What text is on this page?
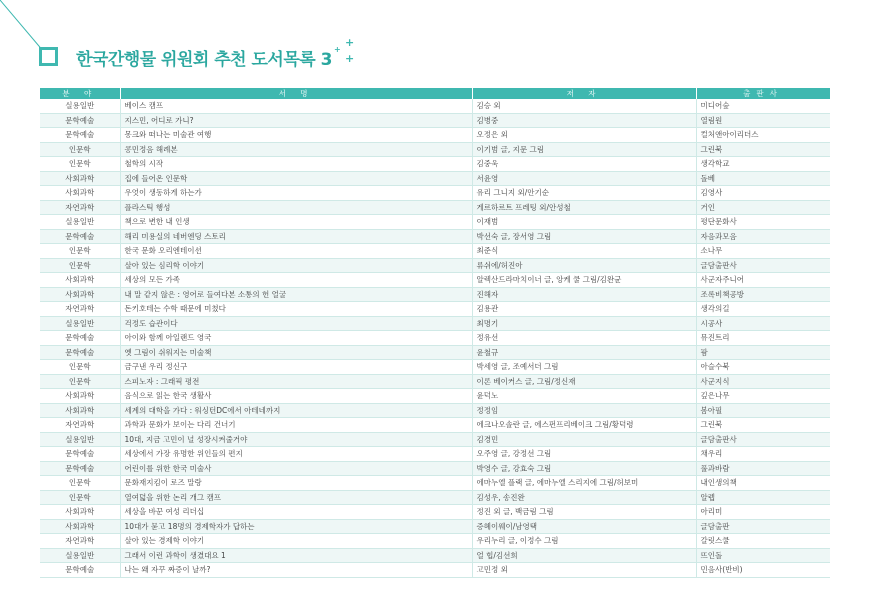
한국간행물 위원회 추천 도서목록 3
+
+
+
분 야	서 명	저 자	출판사
실용일반	베이스 캠프	김승 외	미디어숲
문학예술	지스민, 어디로 가니?	김병중	열림원
문학예술	몽크와 떠나는 미술관 여행	오정은 외	컬처앤아이리더스
인문학	콩민정음 해례본	이기범 글, 지문 그림	그린북
인문학	철학의 시작	김중욱	생각학교
사회과학	집에 들어온 인문학	서윤영	돌베
사회과학	우엇이 생동하게 하는가	유리 그니지 외/안기순	김영사
자연과학	플라스틱 행성	게르하르트 프레팅 외/안성철	거인
실용일반	책으로 변한 내 인생	이재범	평단문화사
문학예술	해리 미용실의 네버엔딩 스토리	박선숙 글, 장서영 그림	자음과모음
인문학	한국 문화 오리엔테이션	최준식	소나무
인문학	살아 있는 심리학 이야기	류쉬에/허진아	글담출판사
사회과학	세상의 모든 가족	알렉산드라마치이너 글, 앙케 쿨 그림/김완균	사군자주니어
사회과학	내 말 같지 않은 : 영어로 들여다본 소통의 헌 얼굴	진해자	조록비책공방
자연과학	돈키호테는 수학 때문에 미쳤다	김용관	생각의길
실용일반	걱정도 습관이다	최명기	시공사
문학예술	아이와 함께 아일랜드 영국	정유선	뮤진트리
문학예술	옛 그림이 쉬워지는 미술책	윤철규	팜
인문학	금구낸 우리 정신구	박세영 글, 조예서더 그림	아슬수북
인문학	스피노자 : 그래픽 평전	이론 베이커스 글, 그림/정신재	사군지식
사회과학	음식으로 읽는 한국 생활사	윤덕노	깊은나무
사회과학	세계의 대학을 가다 : 워싱턴DC에서 아테네까지	정정임	봄아필
자연과학	과학과 문화가 보이는 다리 건너기	에크나오솔란 글, 에스펀프리베이크 그림/황덕령	그린북
실용일반	10대, 지금 고민이 널 성장시켜줄거야	김경민	글담출판사
문학예술	세상에서 가장 유명한 위인들의 편지	오주영 글, 강정선 그림	채우리
문학예술	어린이를 위한 한국 미술사	박영수 글, 강효숙 그림	풀과바람
인문학	문화재지킴이 로즈 말랑	에마누엘 플랙 글, 에마누엘 스리지에 그림/허보미	내인생의책
인문학	열여덟을 위한 논리 개그 캠프	김성우, 송진완	알렙
사회과학	세상을 바꾼 여성 리더십	정진 외 글, 백금림 그림	아리미
사회과학	10대가 묻고 18명의 경제학자가 답하는	증혜이웨이/남영택	글담출판
자연과학	살아 있는 경제학 이야기	우리누리 글, 이정수 그림	갈릿스쿨
실용일반	그래서 이런 과학이 생겼대요 1	얼 힙/김선희	뜨인돌
문학예술	나는 왜 자꾸 짜증이 날까?	고민정 외	민음사(반비)
